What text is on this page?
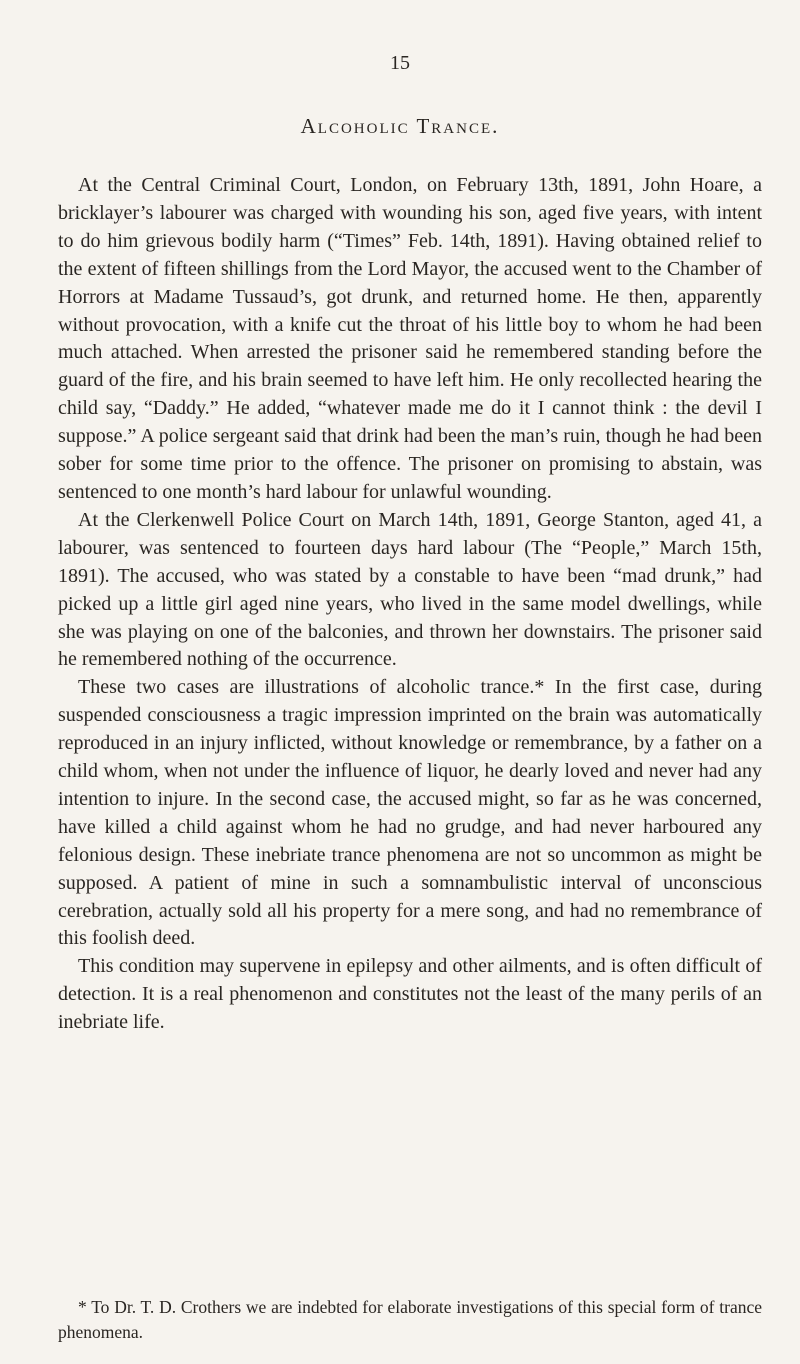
15
Alcoholic Trance.

At the Central Criminal Court, London, on February 13th, 1891, John Hoare, a bricklayer’s labourer was charged with wounding his son, aged five years, with intent to do him grievous bodily harm (“Times” Feb. 14th, 1891). Having obtained relief to the extent of fifteen shillings from the Lord Mayor, the accused went to the Chamber of Horrors at Madame Tussaud’s, got drunk, and returned home. He then, apparently without provocation, with a knife cut the throat of his little boy to whom he had been much attached. When arrested the prisoner said he remembered standing before the guard of the fire, and his brain seemed to have left him. He only recollected hearing the child say, “Daddy.” He added, “whatever made me do it I cannot think : the devil I suppose.” A police sergeant said that drink had been the man’s ruin, though he had been sober for some time prior to the offence. The prisoner on promising to abstain, was sentenced to one month’s hard labour for unlawful wounding.

At the Clerkenwell Police Court on March 14th, 1891, George Stanton, aged 41, a labourer, was sentenced to fourteen days hard labour (The “People,” March 15th, 1891). The accused, who was stated by a constable to have been “mad drunk,” had picked up a little girl aged nine years, who lived in the same model dwellings, while she was playing on one of the balconies, and thrown her downstairs. The prisoner said he remembered nothing of the occurrence.

These two cases are illustrations of alcoholic trance.* In the first case, during suspended consciousness a tragic impression imprinted on the brain was automatically reproduced in an injury inflicted, without knowledge or remembrance, by a father on a child whom, when not under the influence of liquor, he dearly loved and never had any intention to injure. In the second case, the accused might, so far as he was concerned, have killed a child against whom he had no grudge, and had never harboured any felonious design. These inebriate trance phenomena are not so uncommon as might be supposed. A patient of mine in such a somnambulistic interval of unconscious cerebration, actually sold all his property for a mere song, and had no remembrance of this foolish deed.

This condition may supervene in epilepsy and other ailments, and is often difficult of detection. It is a real phenomenon and constitutes not the least of the many perils of an inebriate life.

* To Dr. T. D. Crothers we are indebted for elaborate investigations of this special form of trance phenomena.
